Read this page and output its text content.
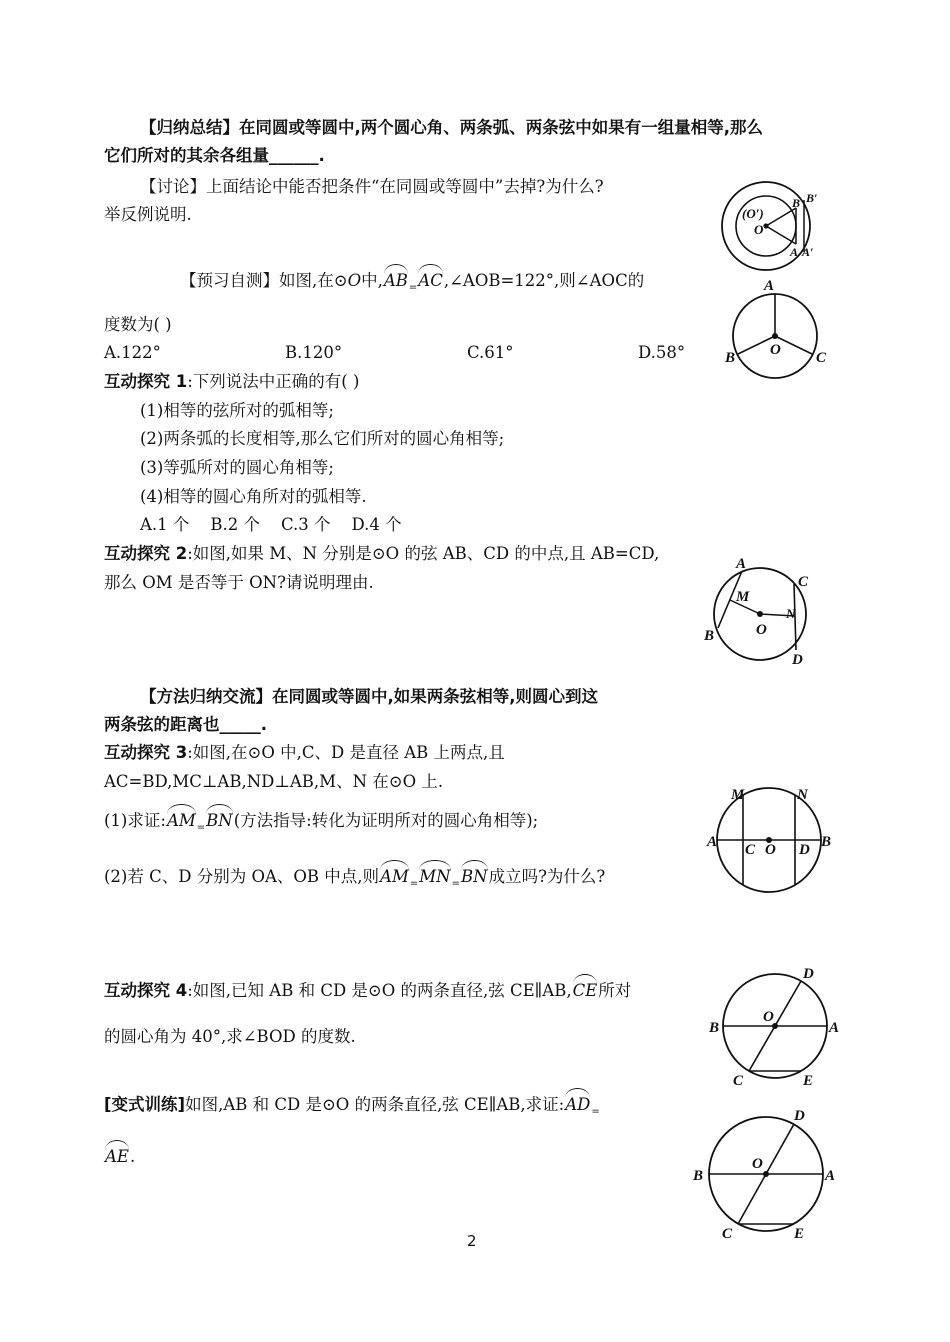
【归纳总结】在同圆或等圆中,两个圆心角、两条弧、两条弦中如果有一组量相等,那么
它们所对的其余各组量______.
【讨论】上面结论中能否把条件“在同圆或等圆中”去掉?为什么?
举反例说明.
【预习自测】如图,在⊙O中$,AB_=AC,\angle AOB=122^\circ$,则∠AOC的
度数为( )
A.122°	B.120°	C.61°	D.58°
互动探究 1:下列说法中正确的有( )
(1)相等的弦所对的弧相等;
(2)两条弧的长度相等,那么它们所对的圆心角相等;
(3)等弧所对的圆心角相等;
(4)相等的圆心角所对的弧相等.
A.1 个    B.2 个    C.3 个    D.4 个
互动探究 2:如图,如果 M、N 分别是⊙O 的弦 AB、CD 的中点,且 AB=CD,
那么 OM 是否等于 ON?请说明理由.
【方法归纳交流】在同圆或等圆中,如果两条弦相等,则圆心到这
两条弦的距离也_____.
互动探究 3:如图,在⊙O 中,C、D 是直径 AB 上两点,且
AC=BD,MC⊥AB,ND⊥AB,M、N 在⊙O 上.
(1)求证$:AM_=BN$(方法指导:转化为证明所对的圆心角相等);
(2)若 C、D 分别为 OA、OB 中点,则$AM_=MN_=BN$成立吗?为什么?
互动探究 4:如图,已知 AB 和 CD 是⊙O 的两条直径,弦 CE∥AB,CE所对
的圆心角为 40°,求∠BOD 的度数.
[变式训练]如图,AB 和 CD 是⊙O 的两条直径,弦 CE∥AB,求证$:AD_=$
AE.
(O′)
O
B B′
A A′
A
B	C
O
A
B
C
D
M
N
O
M	N
A	B
C O D
D
O
B	A
C	E
D
O
B	A
C	E
2
